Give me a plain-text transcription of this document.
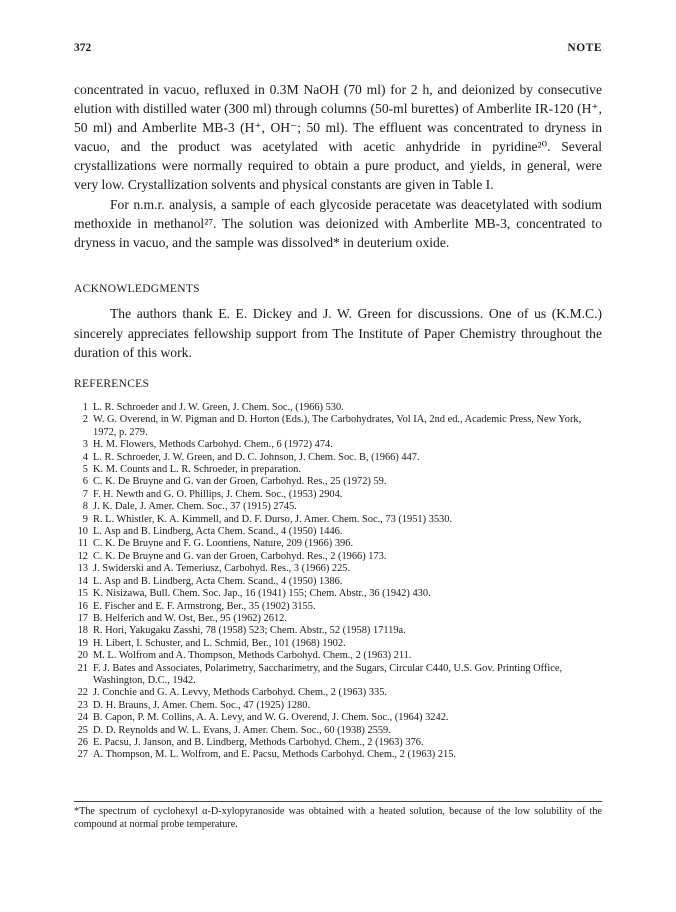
372	NOTE

concentrated in vacuo, refluxed in 0.3M NaOH (70 ml) for 2 h, and deionized by consecutive elution with distilled water (300 ml) through columns (50-ml burettes) of Amberlite IR-120 (H⁺, 50 ml) and Amberlite MB-3 (H⁺, OH⁻; 50 ml). The effluent was concentrated to dryness in vacuo, and the product was acetylated with acetic anhydride in pyridine²⁰. Several crystallizations were normally required to obtain a pure product, and yields, in general, were very low. Crystallization solvents and physical constants are given in Table I.

For n.m.r. analysis, a sample of each glycoside peracetate was deacetylated with sodium methoxide in methanol²⁷. The solution was deionized with Amberlite MB-3, concentrated to dryness in vacuo, and the sample was dissolved* in deuterium oxide.

ACKNOWLEDGMENTS
The authors thank E. E. Dickey and J. W. Green for discussions. One of us (K.M.C.) sincerely appreciates fellowship support from The Institute of Paper Chemistry throughout the duration of this work.
REFERENCES
1 L. R. Schroeder and J. W. Green, J. Chem. Soc., (1966) 530.
2 W. G. Overend, in W. Pigman and D. Horton (Eds.), The Carbohydrates, Vol IA, 2nd ed., Academic Press, New York, 1972, p. 279.
3 H. M. Flowers, Methods Carbohyd. Chem., 6 (1972) 474.
4 L. R. Schroeder, J. W. Green, and D. C. Johnson, J. Chem. Soc. B, (1966) 447.
5 K. M. Counts and L. R. Schroeder, in preparation.
6 C. K. De Bruyne and G. van der Groen, Carbohyd. Res., 25 (1972) 59.
7 F. H. Newth and G. O. Phillips, J. Chem. Soc., (1953) 2904.
8 J. K. Dale, J. Amer. Chem. Soc., 37 (1915) 2745.
9 R. L. Whistler, K. A. Kimmell, and D. F. Durso, J. Amer. Chem. Soc., 73 (1951) 3530.
10 L. Asp and B. Lindberg, Acta Chem. Scand., 4 (1950) 1446.
11 C. K. De Bruyne and F. G. Loontiens, Nature, 209 (1966) 396.
12 C. K. De Bruyne and G. van der Groen, Carbohyd. Res., 2 (1966) 173.
13 J. Swiderski and A. Temeriusz, Carbohyd. Res., 3 (1966) 225.
14 L. Asp and B. Lindberg, Acta Chem. Scand., 4 (1950) 1386.
15 K. Nisizawa, Bull. Chem. Soc. Jap., 16 (1941) 155; Chem. Abstr., 36 (1942) 430.
16 E. Fischer and E. F. Armstrong, Ber., 35 (1902) 3155.
17 B. Helferich and W. Ost, Ber., 95 (1962) 2612.
18 R. Hori, Yakugaku Zasshi, 78 (1958) 523; Chem. Abstr., 52 (1958) 17119a.
19 H. Libert, I. Schuster, and L. Schmid, Ber., 101 (1968) 1902.
20 M. L. Wolfrom and A. Thompson, Methods Carbohyd. Chem., 2 (1963) 211.
21 F. J. Bates and Associates, Polarimetry, Saccharimetry, and the Sugars, Circular C440, U.S. Gov. Printing Office, Washington, D.C., 1942.
22 J. Conchie and G. A. Levvy, Methods Carbohyd. Chem., 2 (1963) 335.
23 D. H. Brauns, J. Amer. Chem. Soc., 47 (1925) 1280.
24 B. Capon, P. M. Collins, A. A. Levy, and W. G. Overend, J. Chem. Soc., (1964) 3242.
25 D. D. Reynolds and W. L. Evans, J. Amer. Chem. Soc., 60 (1938) 2559.
26 E. Pacsu, J. Janson, and B. Lindberg, Methods Carbohyd. Chem., 2 (1963) 376.
27 A. Thompson, M. L. Wolfrom, and E. Pacsu, Methods Carbohyd. Chem., 2 (1963) 215.
*The spectrum of cyclohexyl α-D-xylopyranoside was obtained with a heated solution, because of the low solubility of the compound at normal probe temperature.
